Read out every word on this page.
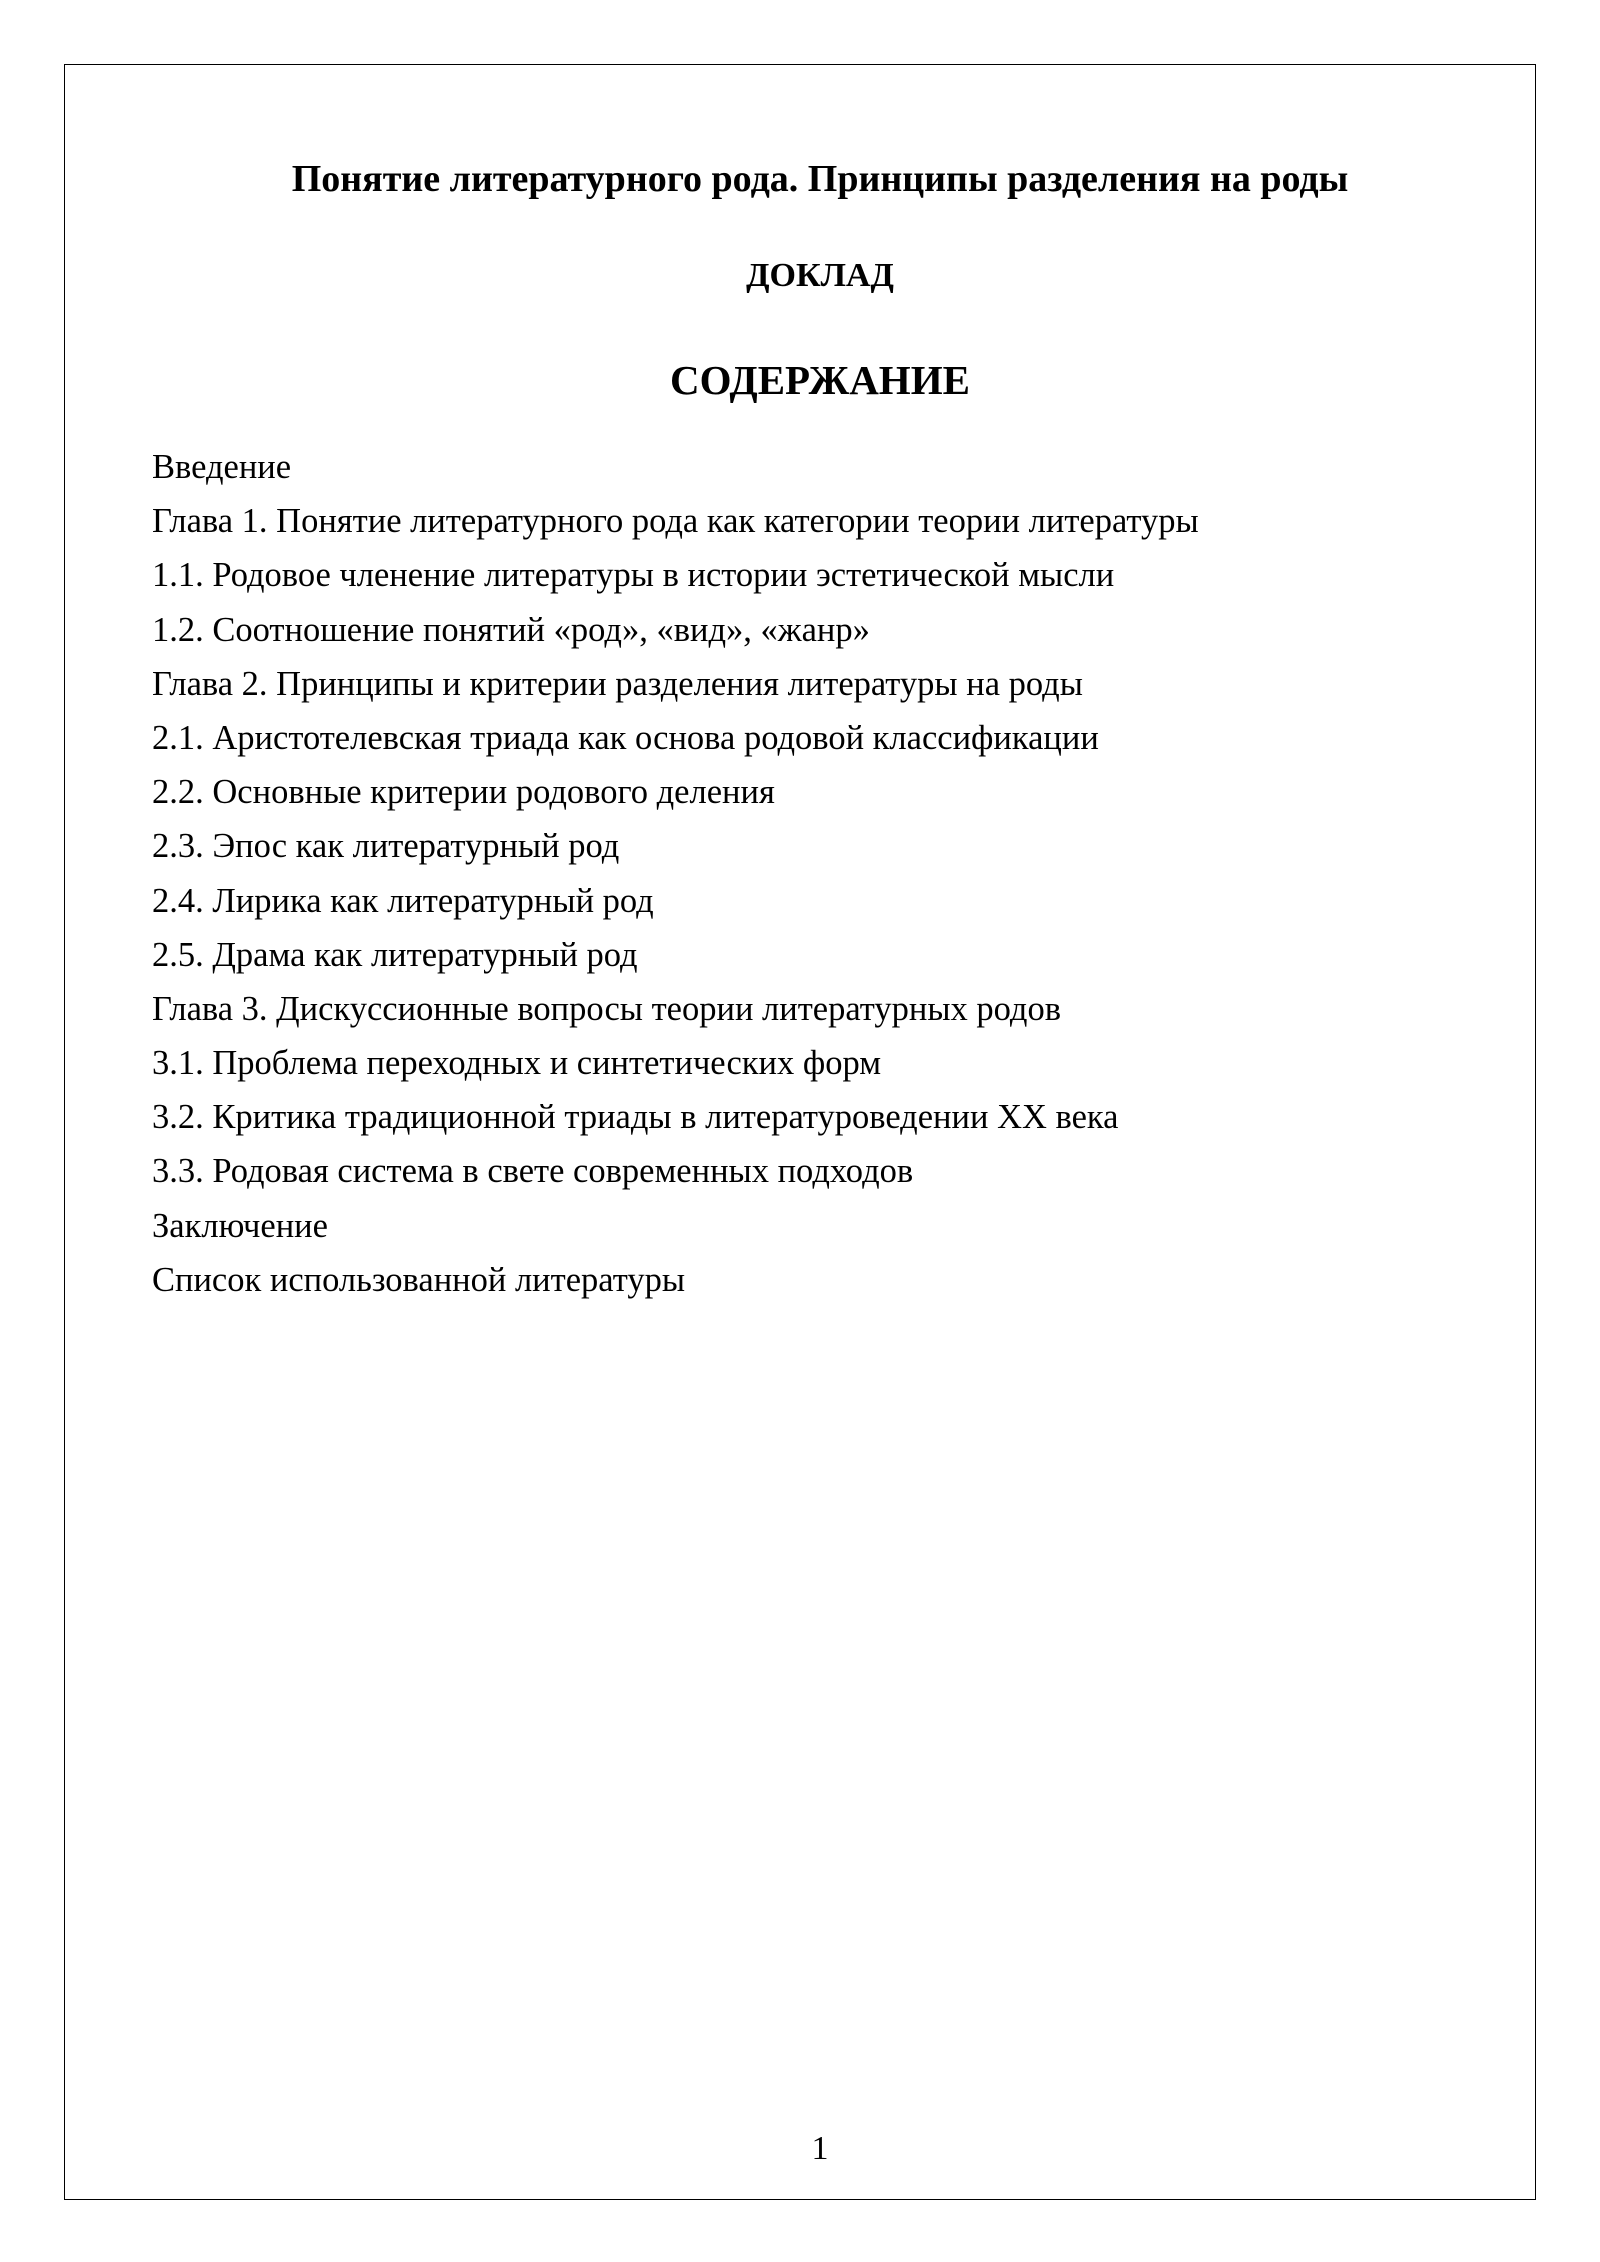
Понятие литературного рода. Принципы разделения на роды
ДОКЛАД
СОДЕРЖАНИЕ
Введение
Глава 1. Понятие литературного рода как категории теории литературы
1.1. Родовое членение литературы в истории эстетической мысли
1.2. Соотношение понятий «род», «вид», «жанр»
Глава 2. Принципы и критерии разделения литературы на роды
2.1. Аристотелевская триада как основа родовой классификации
2.2. Основные критерии родового деления
2.3. Эпос как литературный род
2.4. Лирика как литературный род
2.5. Драма как литературный род
Глава 3. Дискуссионные вопросы теории литературных родов
3.1. Проблема переходных и синтетических форм
3.2. Критика традиционной триады в литературоведении XX века
3.3. Родовая система в свете современных подходов
Заключение
Список использованной литературы
1
